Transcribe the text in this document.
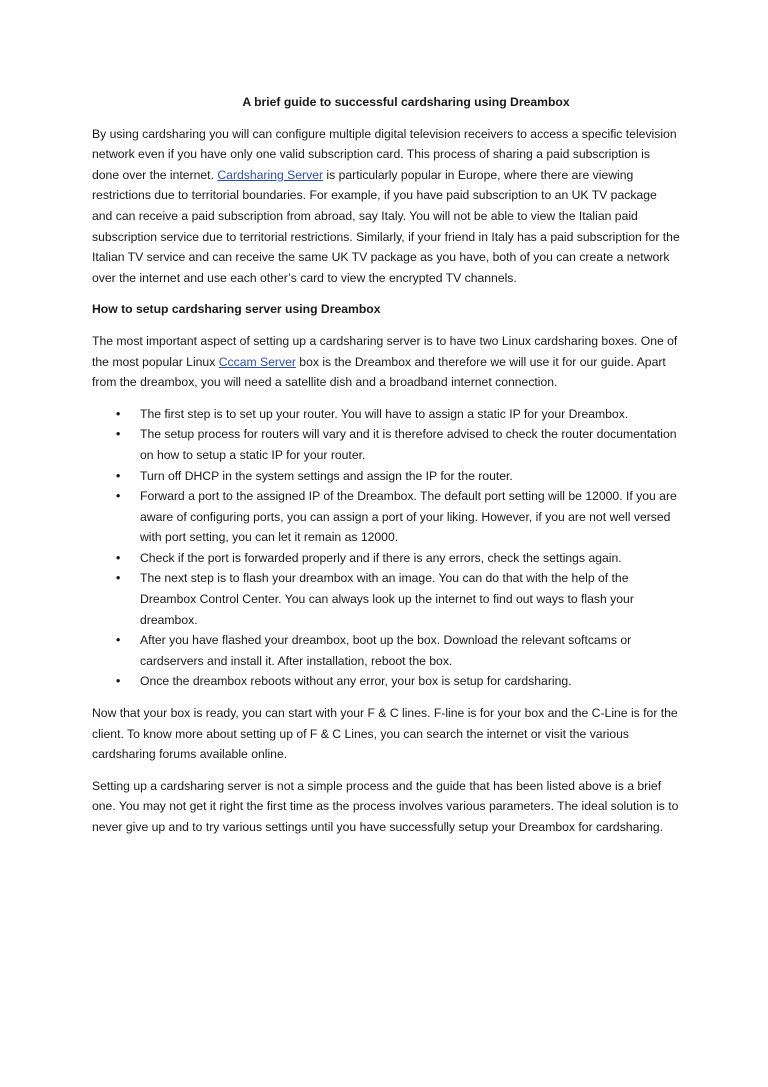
A brief guide to successful cardsharing using Dreambox

By using cardsharing you will can configure multiple digital television receivers to access a specific television network even if you have only one valid subscription card. This process of sharing a paid subscription is done over the internet. Cardsharing Server is particularly popular in Europe, where there are viewing restrictions due to territorial boundaries. For example, if you have paid subscription to an UK TV package and can receive a paid subscription from abroad, say Italy. You will not be able to view the Italian paid subscription service due to territorial restrictions. Similarly, if your friend in Italy has a paid subscription for the Italian TV service and can receive the same UK TV package as you have, both of you can create a network over the internet and use each other’s card to view the encrypted TV channels.

How to setup cardsharing server using Dreambox

The most important aspect of setting up a cardsharing server is to have two Linux cardsharing boxes. One of the most popular Linux Cccam Server box is the Dreambox and therefore we will use it for our guide. Apart from the dreambox, you will need a satellite dish and a broadband internet connection.

• The first step is to set up your router. You will have to assign a static IP for your Dreambox.
• The setup process for routers will vary and it is therefore advised to check the router documentation on how to setup a static IP for your router.
• Turn off DHCP in the system settings and assign the IP for the router.
• Forward a port to the assigned IP of the Dreambox. The default port setting will be 12000. If you are aware of configuring ports, you can assign a port of your liking. However, if you are not well versed with port setting, you can let it remain as 12000.
• Check if the port is forwarded properly and if there is any errors, check the settings again.
• The next step is to flash your dreambox with an image. You can do that with the help of the Dreambox Control Center. You can always look up the internet to find out ways to flash your dreambox.
• After you have flashed your dreambox, boot up the box. Download the relevant softcams or cardservers and install it. After installation, reboot the box.
• Once the dreambox reboots without any error, your box is setup for cardsharing.

Now that your box is ready, you can start with your F & C lines. F-line is for your box and the C-Line is for the client. To know more about setting up of F & C Lines, you can search the internet or visit the various cardsharing forums available online.

Setting up a cardsharing server is not a simple process and the guide that has been listed above is a brief one. You may not get it right the first time as the process involves various parameters. The ideal solution is to never give up and to try various settings until you have successfully setup your Dreambox for cardsharing.
